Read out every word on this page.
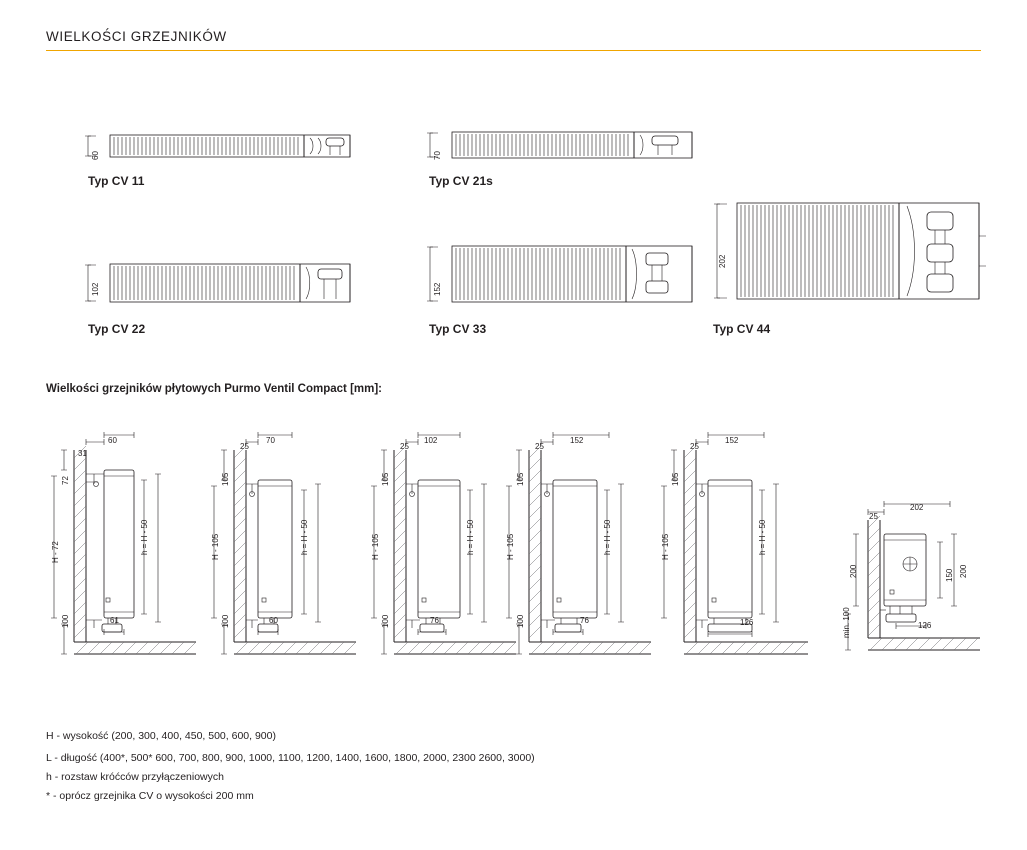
WIELKOŚCI GRZEJNIKÓW
60
Typ CV 11
70
Typ CV 21s
102
Typ CV 22
152
Typ CV 33
202
Typ CV 44
Wielkości grzejników płytowych Purmo Ventil Compact [mm]:
31
60
72
H - 72
100
h = H - 50
61
25
70
105
H - 105
100
h = H - 50
60
25
102
105
H - 105
100
h = H - 50
76
25
152
105
H - 105
100
h = H - 50
76
25
152
105
H - 105	h = H - 50
126
25
202
200
min. 100
150 200
126
H - wysokość (200, 300, 400, 450, 500, 600, 900)
L - długość (400*, 500* 600, 700, 800, 900, 1000, 1100, 1200, 1400, 1600, 1800, 2000, 2300 2600, 3000)
h - rozstaw króćców przyłączeniowych
* - oprócz grzejnika CV o wysokości 200 mm
